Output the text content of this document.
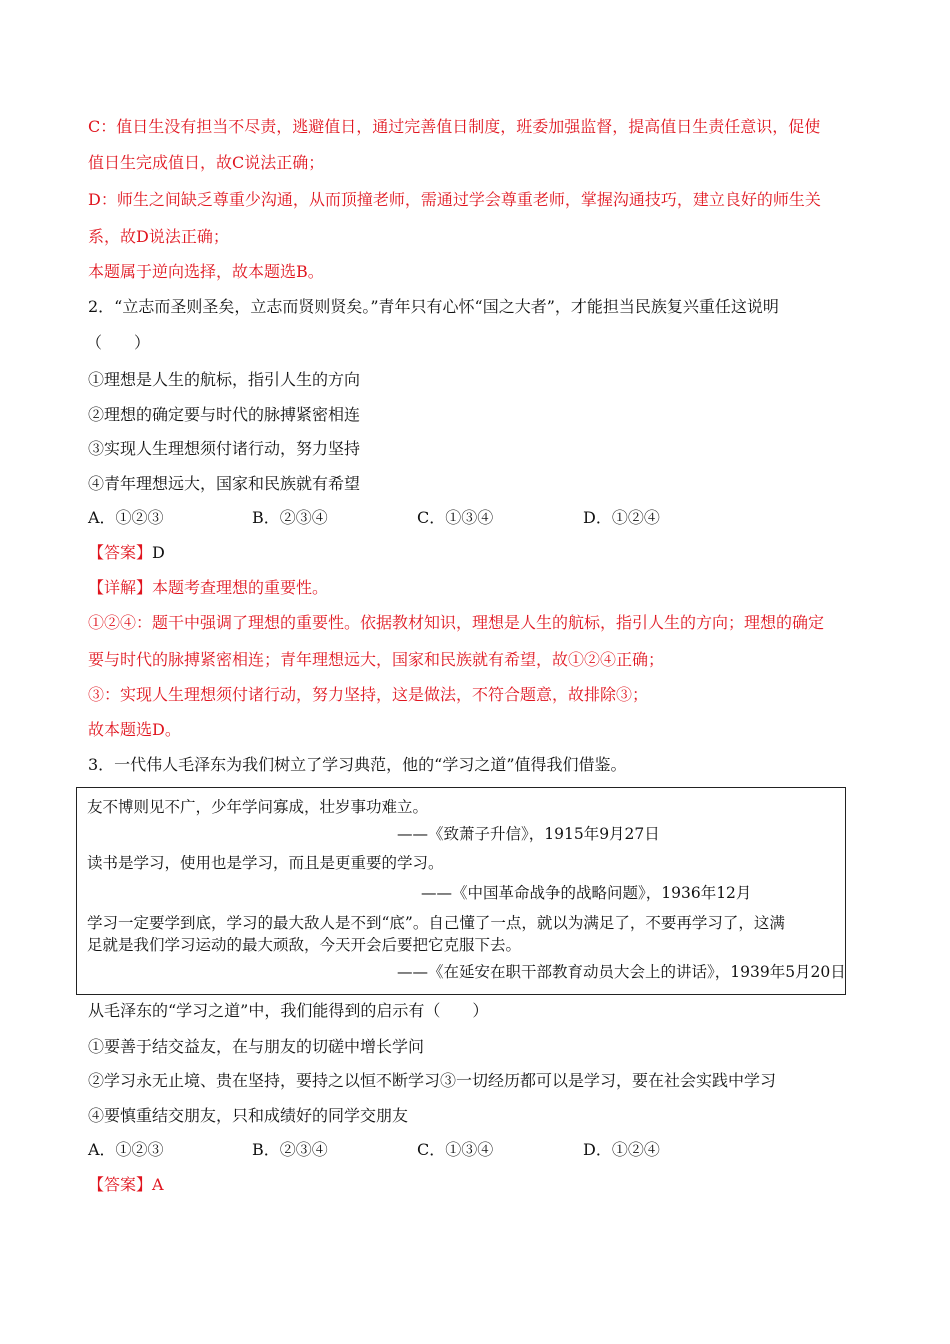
C：值日生没有担当不尽责，逃避值日，通过完善值日制度，班委加强监督，提高值日生责任意识，促使
值日生完成值日，故C说法正确；
D：师生之间缺乏尊重少沟通，从而顶撞老师，需通过学会尊重老师，掌握沟通技巧，建立良好的师生关
系，故D说法正确；
本题属于逆向选择，故本题选B。
2．“立志而圣则圣矣，立志而贤则贤矣。”青年只有心怀“国之大者”，才能担当民族复兴重任这说明
（　　）
①理想是人生的航标，指引人生的方向
②理想的确定要与时代的脉搏紧密相连
③实现人生理想须付诸行动，努力坚持
④青年理想远大，国家和民族就有希望
A．①②③	B．②③④	C．①③④	D．①②④
【答案】D
【详解】本题考查理想的重要性。
①②④：题干中强调了理想的重要性。依据教材知识，理想是人生的航标，指引人生的方向；理想的确定
要与时代的脉搏紧密相连；青年理想远大，国家和民族就有希望，故①②④正确；
③：实现人生理想须付诸行动，努力坚持，这是做法，不符合题意，故排除③；
故本题选D。
3．一代伟人毛泽东为我们树立了学习典范，他的“学习之道”值得我们借鉴。
友不博则见不广，少年学问寡成，壮岁事功难立。
——《致萧子升信》，1915年9月27日
读书是学习，使用也是学习，而且是更重要的学习。
——《中国革命战争的战略问题》，1936年12月
学习一定要学到底，学习的最大敌人是不到“底”。自己懂了一点，就以为满足了，不要再学习了，这满
足就是我们学习运动的最大顽敌，今天开会后要把它克服下去。
——《在延安在职干部教育动员大会上的讲话》，1939年5月20日
从毛泽东的“学习之道”中，我们能得到的启示有（　　）
①要善于结交益友，在与朋友的切磋中增长学问
②学习永无止境、贵在坚持，要持之以恒不断学习③一切经历都可以是学习，要在社会实践中学习
④要慎重结交朋友，只和成绩好的同学交朋友
A．①②③	B．②③④	C．①③④	D．①②④
【答案】A
